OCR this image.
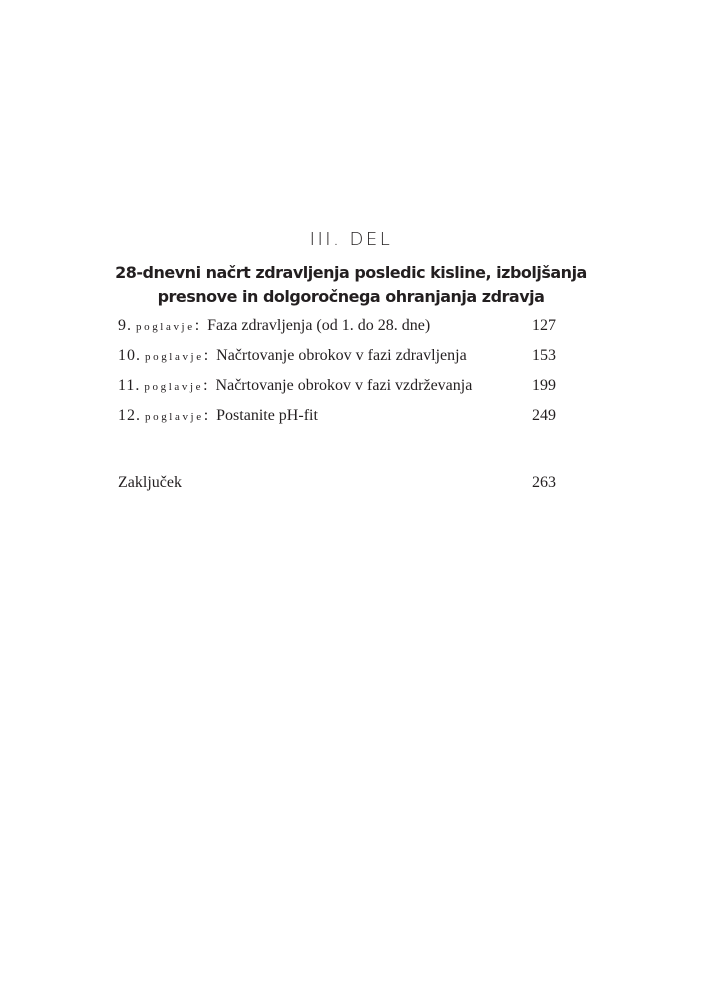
III. DEL
28-dnevni načrt zdravljenja posledic kisline, izboljšanja presnove in dolgoročnega ohranjanja zdravja
9. poglavje: Faza zdravljenja (od 1. do 28. dne)	127
10. poglavje: Načrtovanje obrokov v fazi zdravljenja	153
11. poglavje: Načrtovanje obrokov v fazi vzdrževanja	199
12. poglavje: Postanite pH-fit	249
Zaključek	263
